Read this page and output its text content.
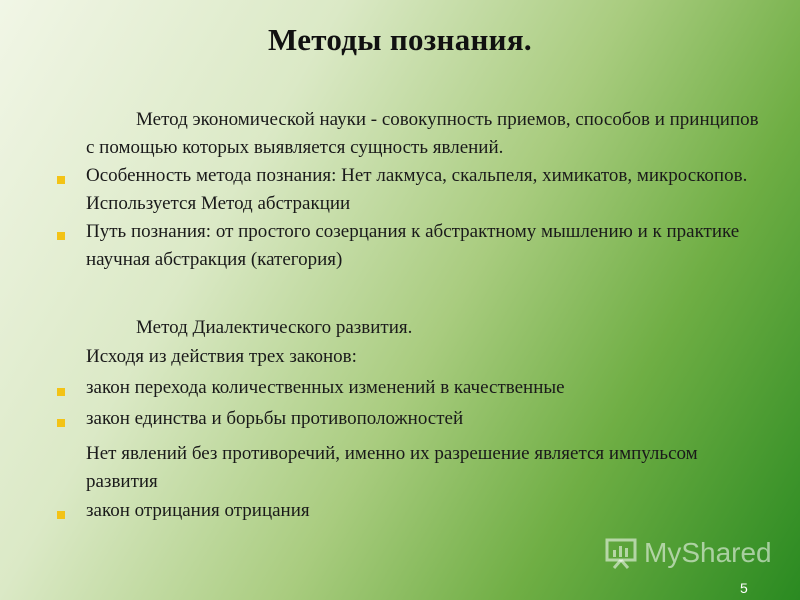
Методы познания.

Метод экономической науки - совокупность приемов, способов и принципов с помощью которых выявляется сущность явлений.

Особенность метода познания: Нет лакмуса, скальпеля, химикатов, микроскопов. Используется Метод абстракции

Путь познания: от простого созерцания к абстрактному мышлению и к практике научная абстракция (категория)

Метод Диалектического развития.

Исходя из действия трех законов:

закон перехода количественных изменений в качественные

закон единства и борьбы противоположностей

Нет явлений без противоречий, именно их разрешение является импульсом развития

закон отрицания отрицания

MyShared
5
